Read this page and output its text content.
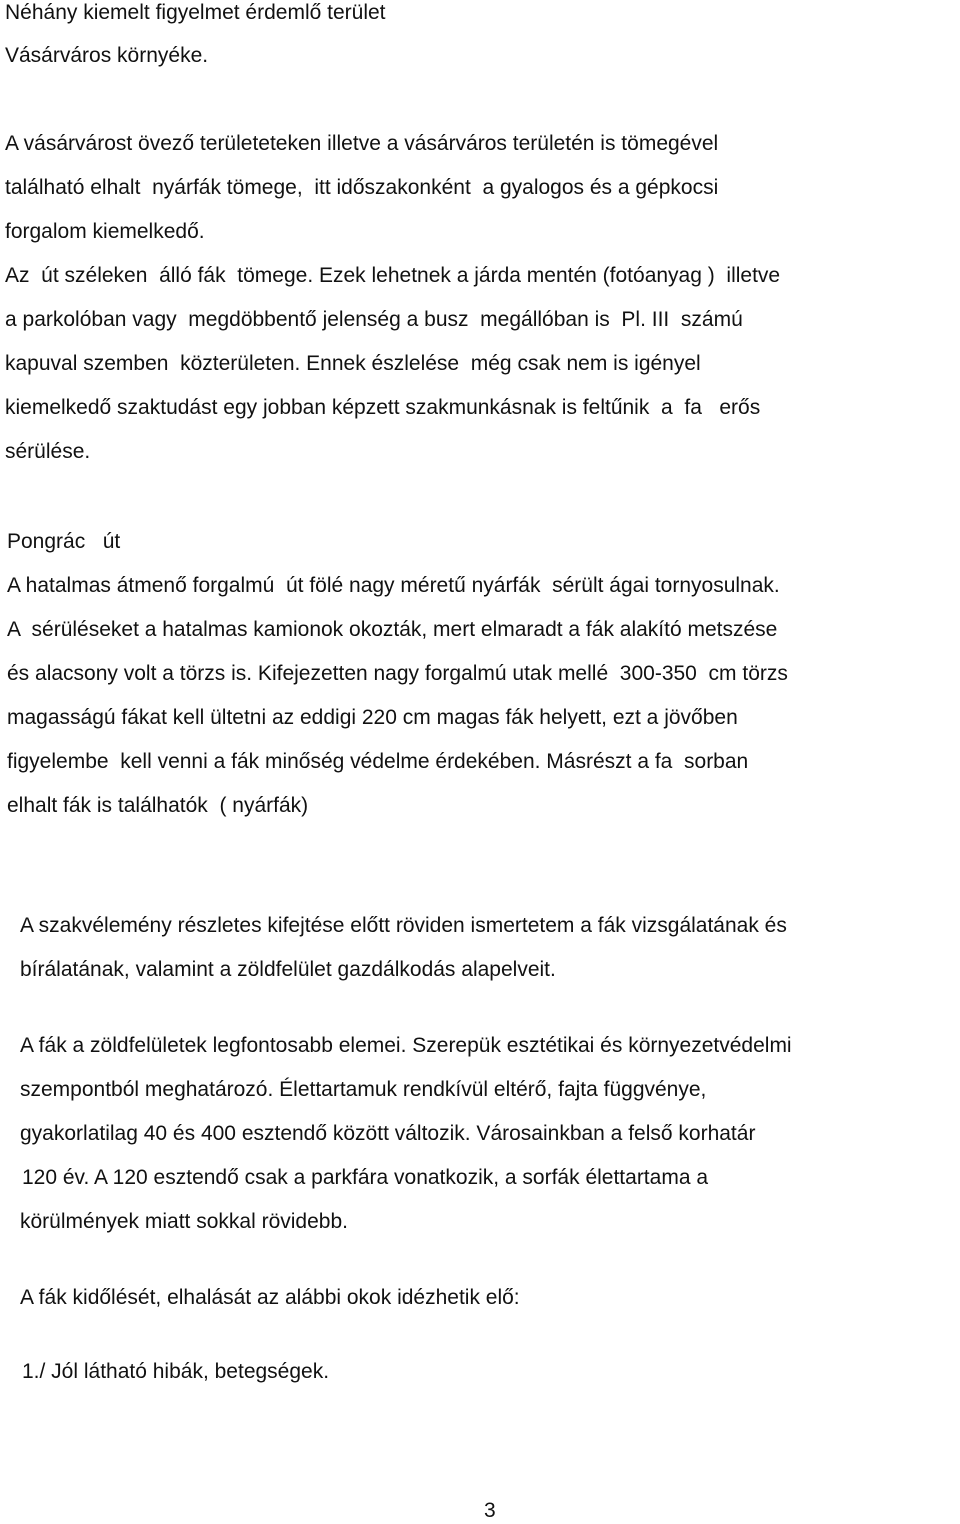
Néhány kiemelt figyelmet érdemlő terület

Vásárváros környéke.

A vásárvárost övező területeteken illetve a vásárváros területén is tömegével

található elhalt  nyárfák tömege,  itt időszakonként  a gyalogos és a gépkocsi

forgalom kiemelkedő.

Az  út széleken  álló fák  tömege. Ezek lehetnek a járda mentén (fotóanyag )  illetve

a parkolóban vagy  megdöbbentő jelenség a busz  megállóban is  Pl. III  számú

kapuval szemben  közterületen. Ennek észlelése  még csak nem is igényel

kiemelkedő szaktudást egy jobban képzett szakmunkásnak is feltűnik  a  fa   erős

sérülése.

Pongrác   út

A hatalmas átmenő forgalmú  út fölé nagy méretű nyárfák  sérült ágai tornyosulnak.

A  sérüléseket a hatalmas kamionok okozták, mert elmaradt a fák alakító metszése

és alacsony volt a törzs is. Kifejezetten nagy forgalmú utak mellé  300-350  cm törzs

magasságú fákat kell ültetni az eddigi 220 cm magas fák helyett, ezt a jövőben

figyelembe  kell venni a fák minőség védelme érdekében. Másrészt a fa  sorban

elhalt fák is találhatók  ( nyárfák)

A szakvélemény részletes kifejtése előtt röviden ismertetem a fák vizsgálatának és

bírálatának, valamint a zöldfelület gazdálkodás alapelveit.

A fák a zöldfelületek legfontosabb elemei. Szerepük esztétikai és környezetvédelmi

szempontból meghatározó. Élettartamuk rendkívül eltérő, fajta függvénye,

gyakorlatilag 40 és 400 esztendő között változik. Városainkban a felső korhatár

120 év. A 120 esztendő csak a parkfára vonatkozik, a sorfák élettartama a

körülmények miatt sokkal rövidebb.

A fák kidőlését, elhalását az alábbi okok idézhetik elő:

1./ Jól látható hibák, betegségek.

3
